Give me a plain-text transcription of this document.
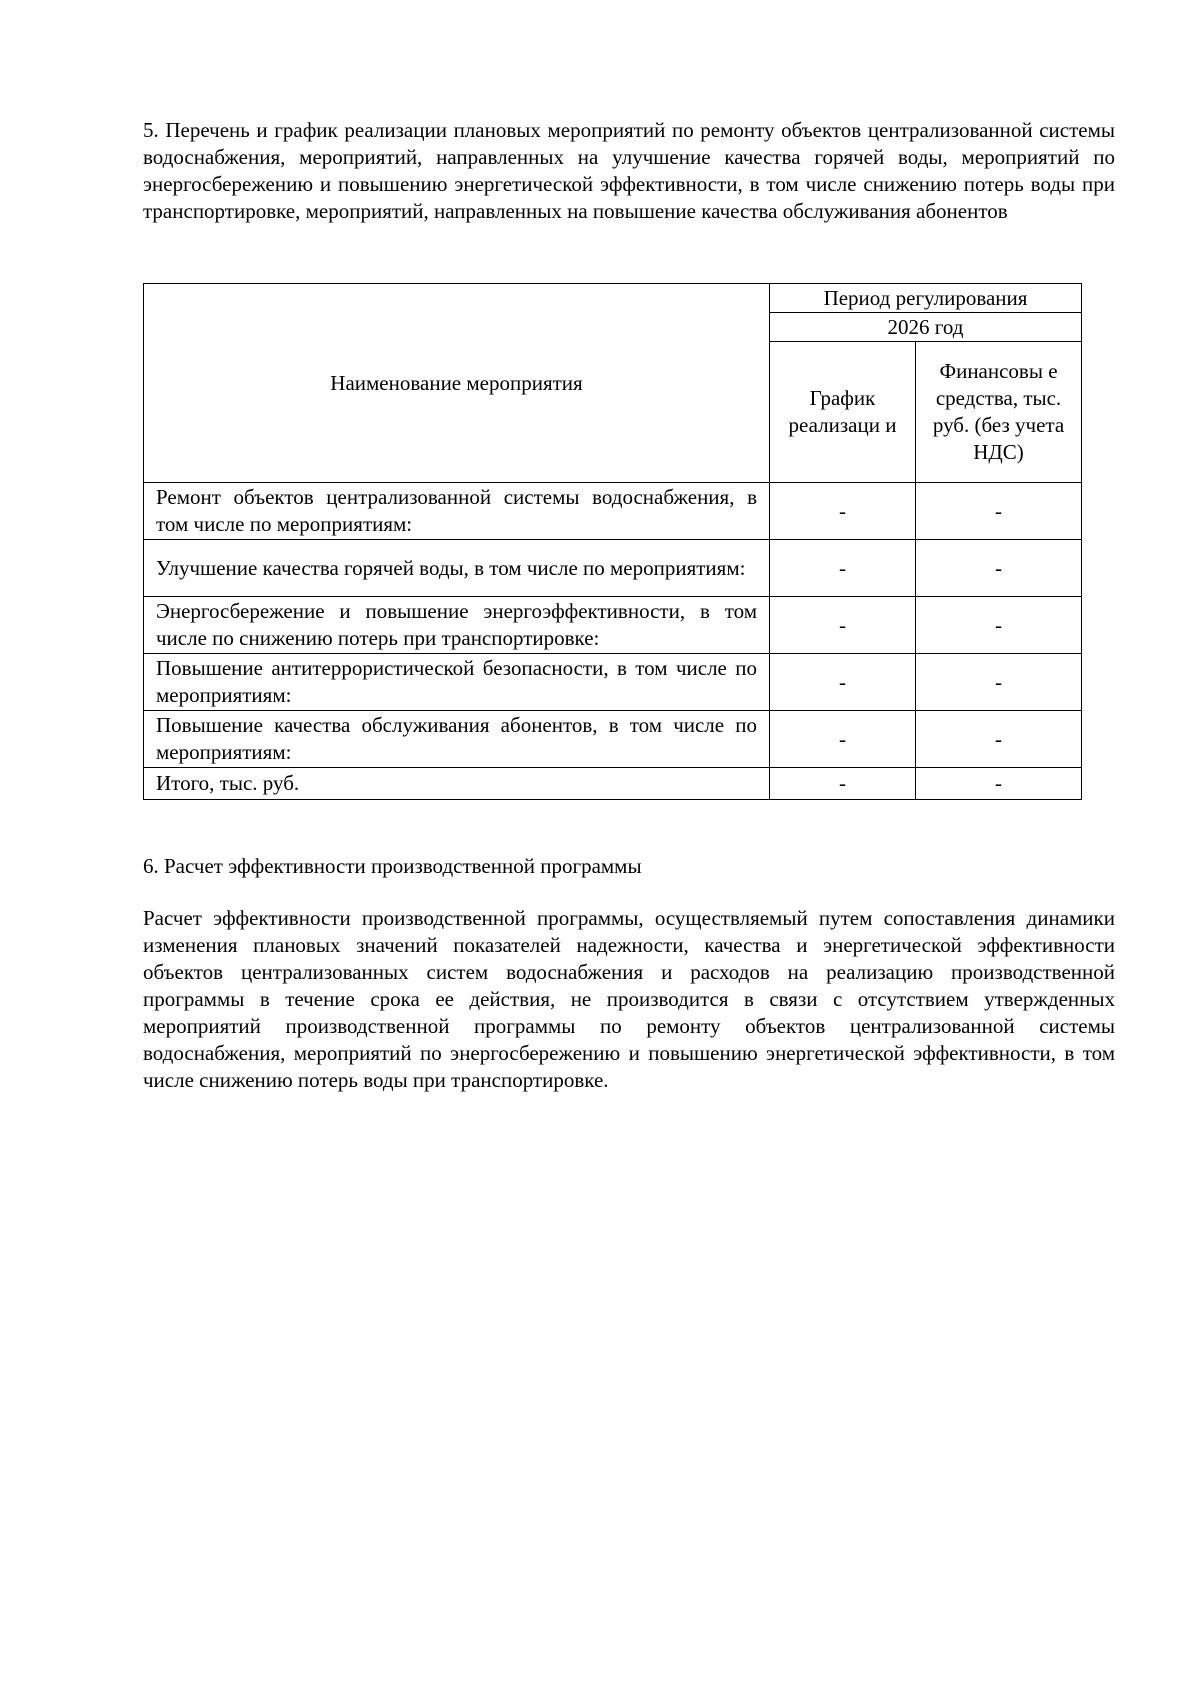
5. Перечень и график реализации плановых мероприятий по ремонту объектов централизованной системы водоснабжения, мероприятий, направленных на улучшение качества горячей воды, мероприятий по энергосбережению и повышению энергетической эффективности, в том числе снижению потерь воды при транспортировке, мероприятий, направленных на повышение качества обслуживания абонентов

Наименование мероприятия	Период регулирования	
	2026 год	
	График реализаци и	Финансовы е средства, тыс. руб. (без учета НДС)
Ремонт объектов централизованной системы водоснабжения, в том числе по мероприятиям:	-	-
Улучшение качества горячей воды, в том числе по мероприятиям:	-	-
Энергосбережение и повышение энергоэффективности, в том числе по снижению потерь при транспортировке:	-	-
Повышение антитеррористической безопасности, в том числе по мероприятиям:	-	-
Повышение качества обслуживания абонентов, в том числе по мероприятиям:	-	-
Итого, тыс. руб.	-	-

6. Расчет эффективности производственной программы

Расчет эффективности производственной программы, осуществляемый путем сопоставления динамики изменения плановых значений показателей надежности, качества и энергетической эффективности объектов централизованных систем водоснабжения и расходов на реализацию производственной программы в течение срока ее действия, не производится в связи с отсутствием утвержденных мероприятий производственной программы по ремонту объектов централизованной системы водоснабжения, мероприятий по энергосбережению и повышению энергетической эффективности, в том числе снижению потерь воды при транспортировке.
